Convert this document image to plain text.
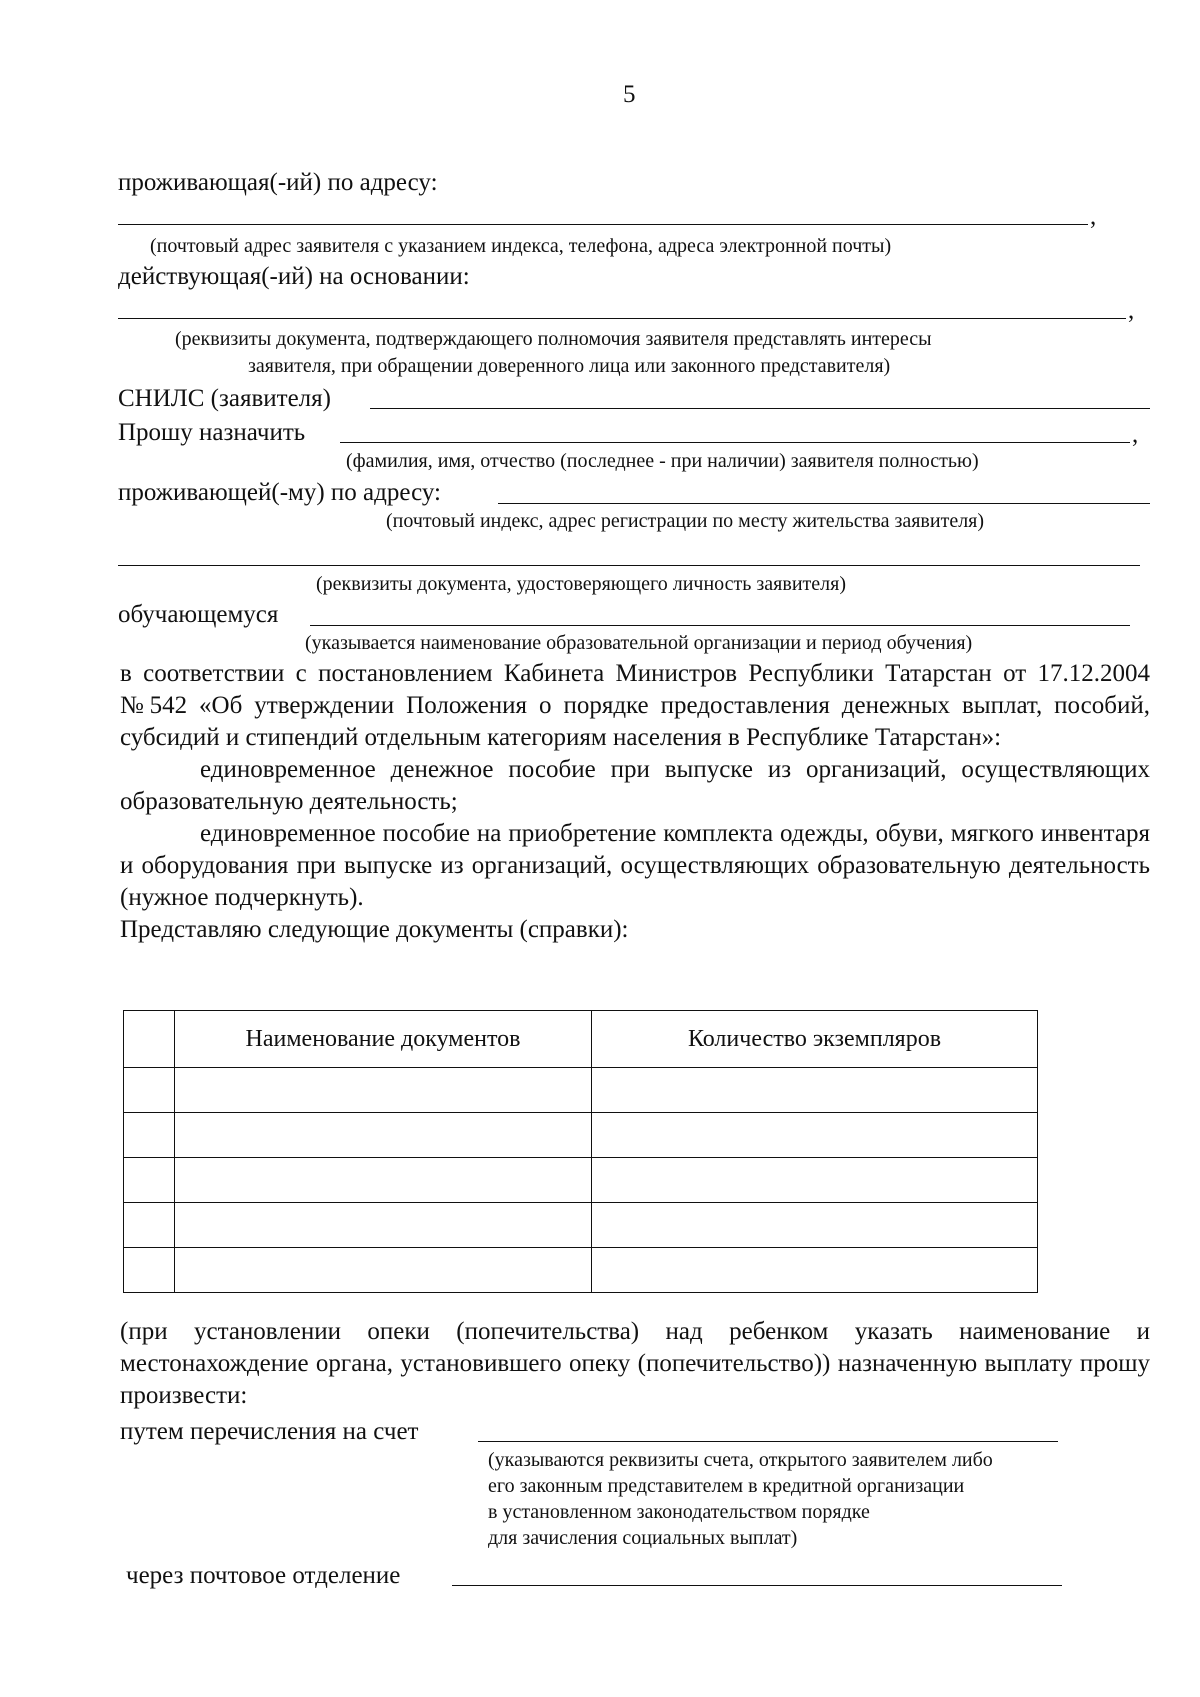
5
проживающая(-ий) по адресу:
,
(почтовый адрес заявителя с указанием индекса, телефона, адреса электронной почты)
действующая(-ий) на основании:
,
(реквизиты документа, подтверждающего полномочия заявителя представлять интересы
заявителя, при обращении доверенного лица или законного представителя)
СНИЛС (заявителя)
Прошу назначить	,
(фамилия, имя, отчество (последнее - при наличии) заявителя полностью)
проживающей(-му) по адресу:
(почтовый индекс, адрес регистрации по месту жительства заявителя)
(реквизиты документа, удостоверяющего личность заявителя)
обучающемуся
(указывается наименование образовательной организации и период обучения)

в соответствии с постановлением Кабинета Министров Республики Татарстан от 17.12.2004 №542 «Об утверждении Положения о порядке предоставления денежных выплат, пособий, субсидий и стипендий отдельным категориям населения в Республике Татарстан»:

единовременное денежное пособие при выпуске из организаций, осуществляющих образовательную деятельность;

единовременное пособие на приобретение комплекта одежды, обуви, мягкого инвентаря и оборудования при выпуске из организаций, осуществляющих образовательную деятельность (нужное подчеркнуть).

Представляю следующие документы (справки):

	Наименование документов	Количество экземпляров

(при установлении опеки (попечительства) над ребенком указать наименование и местонахождение органа, установившего опеку (попечительство)) назначенную выплату прошу произвести:

путем перечисления на счет
(указываются реквизиты счета, открытого заявителем либо
его законным представителем в кредитной организации
в установленном законодательством порядке
для зачисления социальных выплат)
через почтовое отделение
